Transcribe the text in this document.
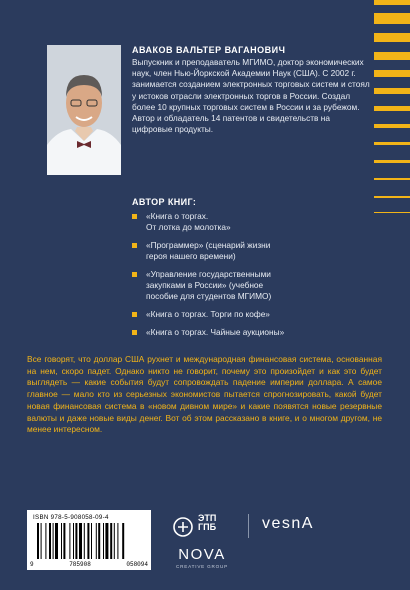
АВАКОВ ВАЛЬТЕР ВАГАНОВИЧ

Выпускник и преподаватель МГИМО, доктор экономических наук, член Нью-Йоркской Академии Наук (США). С 2002 г. занимается созданием электронных торговых систем и стоял у истоков отрасли электронных торгов в России. Создал более 10 крупных торговых систем в России и за рубежом. Автор и обладатель 14 патентов и свидетельств на цифровые продукты.

АВТОР КНИГ:
«Книга о торгах.
От лотка до молотка»
«Программер» (сценарий жизни
героя нашего времени)
«Управление государственными
закупками в России» (учебное
пособие для студентов МГИМО)
«Книга о торгах. Торги по кофе»
«Книга о торгах. Чайные аукционы»

Все говорят, что доллар США рухнет и международная финансовая система, основанная на нем, скоро падет. Однако никто не говорит, почему это произойдет и как это будет выглядеть — какие события будут сопровождать падение империи доллара. А самое главное — мало кто из серьезных экономистов пытается спрогнозировать, какой будет новая финансовая система в «новом дивном мире» и какие появятся новые резервные валюты и даже новые виды денег. Вот об этом рассказано в книге, и о многом другом, не менее интересном.

ISBN 978-5-908058-09-4
9	785908	058094
ЭТП
ГПБ	vesnA
NOVA
CREATIVE GROUP
